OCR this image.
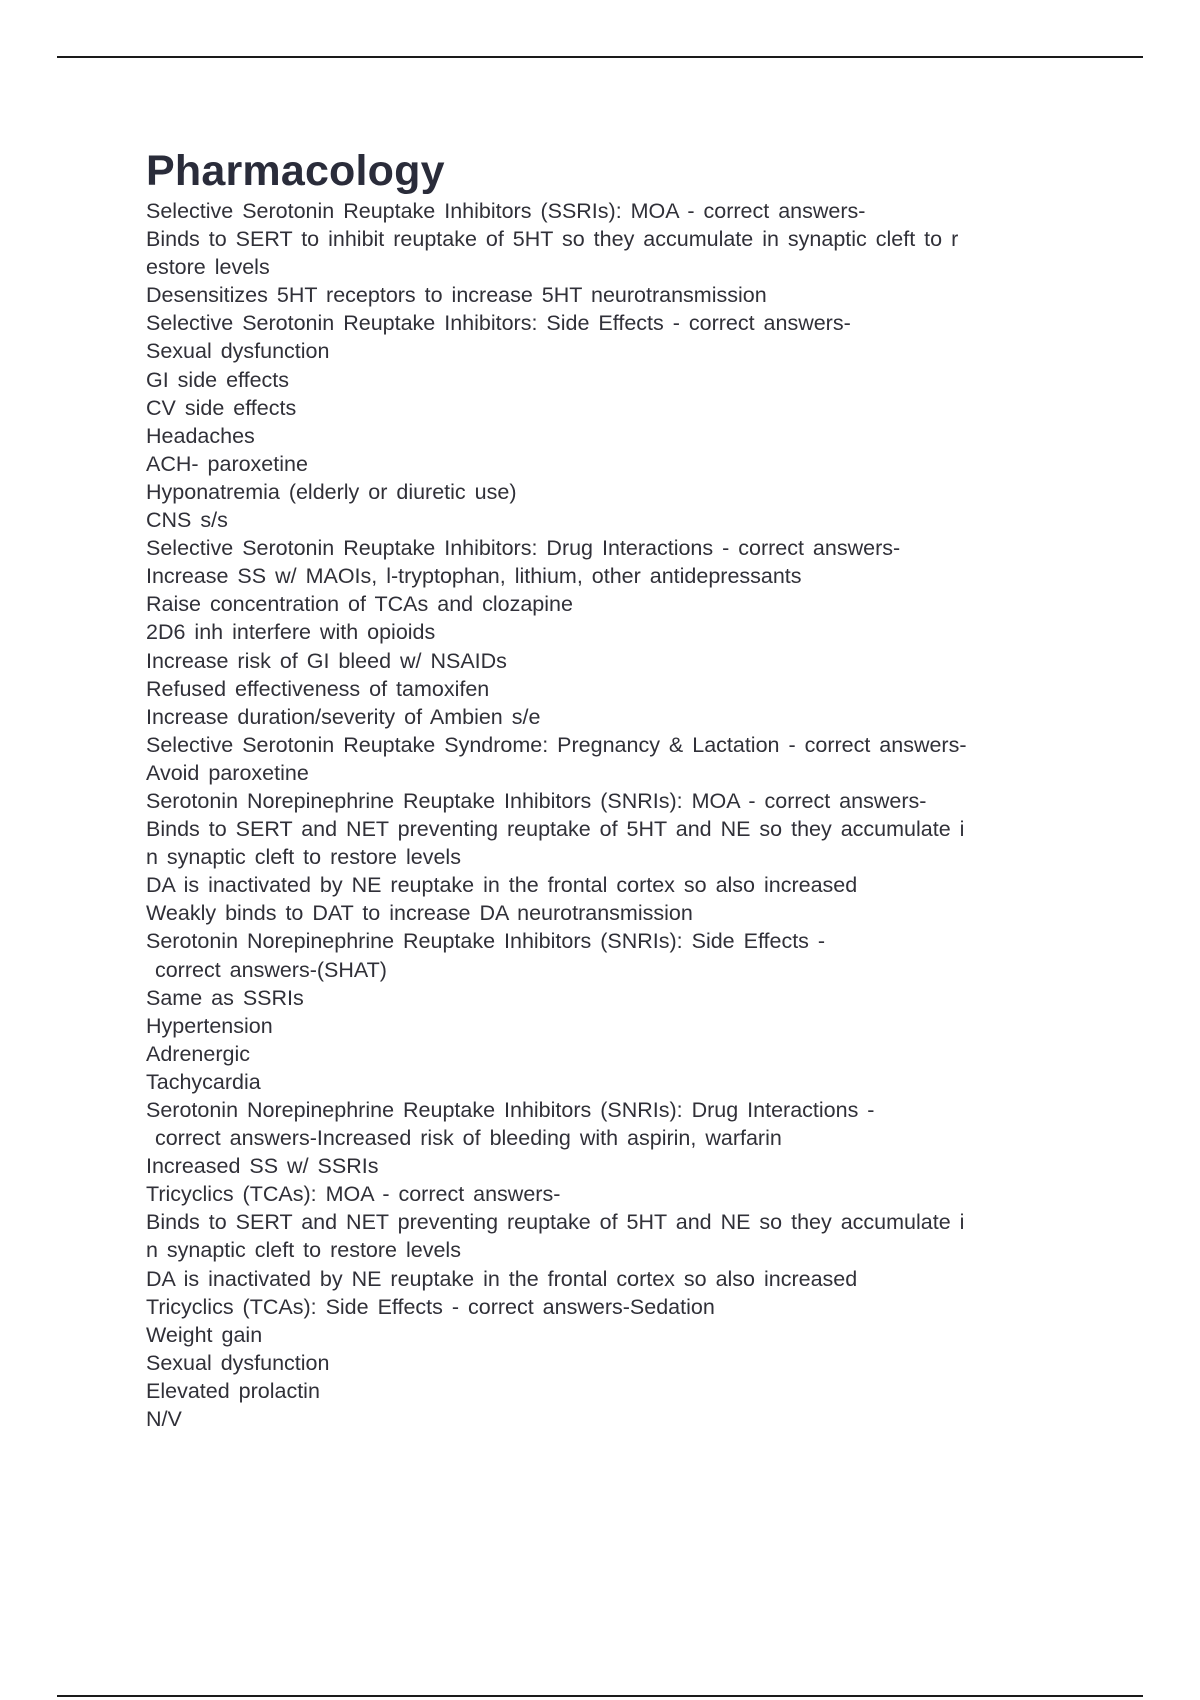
Pharmacology
Selective Serotonin Reuptake Inhibitors (SSRIs): MOA - correct answers-
Binds to SERT to inhibit reuptake of 5HT so they accumulate in synaptic cleft to r
estore levels
Desensitizes 5HT receptors to increase 5HT neurotransmission
Selective Serotonin Reuptake Inhibitors: Side Effects - correct answers-
Sexual dysfunction
GI side effects
CV side effects
Headaches
ACH- paroxetine
Hyponatremia (elderly or diuretic use)
CNS s/s
Selective Serotonin Reuptake Inhibitors: Drug Interactions - correct answers-
Increase SS w/ MAOIs, l-tryptophan, lithium, other antidepressants
Raise concentration of TCAs and clozapine
2D6 inh interfere with opioids
Increase risk of GI bleed w/ NSAIDs
Refused effectiveness of tamoxifen
Increase duration/severity of Ambien s/e
Selective Serotonin Reuptake Syndrome: Pregnancy & Lactation - correct answers-
Avoid paroxetine
Serotonin Norepinephrine Reuptake Inhibitors (SNRIs): MOA - correct answers-
Binds to SERT and NET preventing reuptake of 5HT and NE so they accumulate i
n synaptic cleft to restore levels
DA is inactivated by NE reuptake in the frontal cortex so also increased
Weakly binds to DAT to increase DA neurotransmission
Serotonin Norepinephrine Reuptake Inhibitors (SNRIs): Side Effects -
correct answers-(SHAT)
Same as SSRIs
Hypertension
Adrenergic
Tachycardia
Serotonin Norepinephrine Reuptake Inhibitors (SNRIs): Drug Interactions -
correct answers-Increased risk of bleeding with aspirin, warfarin
Increased SS w/ SSRIs
Tricyclics (TCAs): MOA - correct answers-
Binds to SERT and NET preventing reuptake of 5HT and NE so they accumulate i
n synaptic cleft to restore levels
DA is inactivated by NE reuptake in the frontal cortex so also increased
Tricyclics (TCAs): Side Effects - correct answers-Sedation
Weight gain
Sexual dysfunction
Elevated prolactin
N/V
